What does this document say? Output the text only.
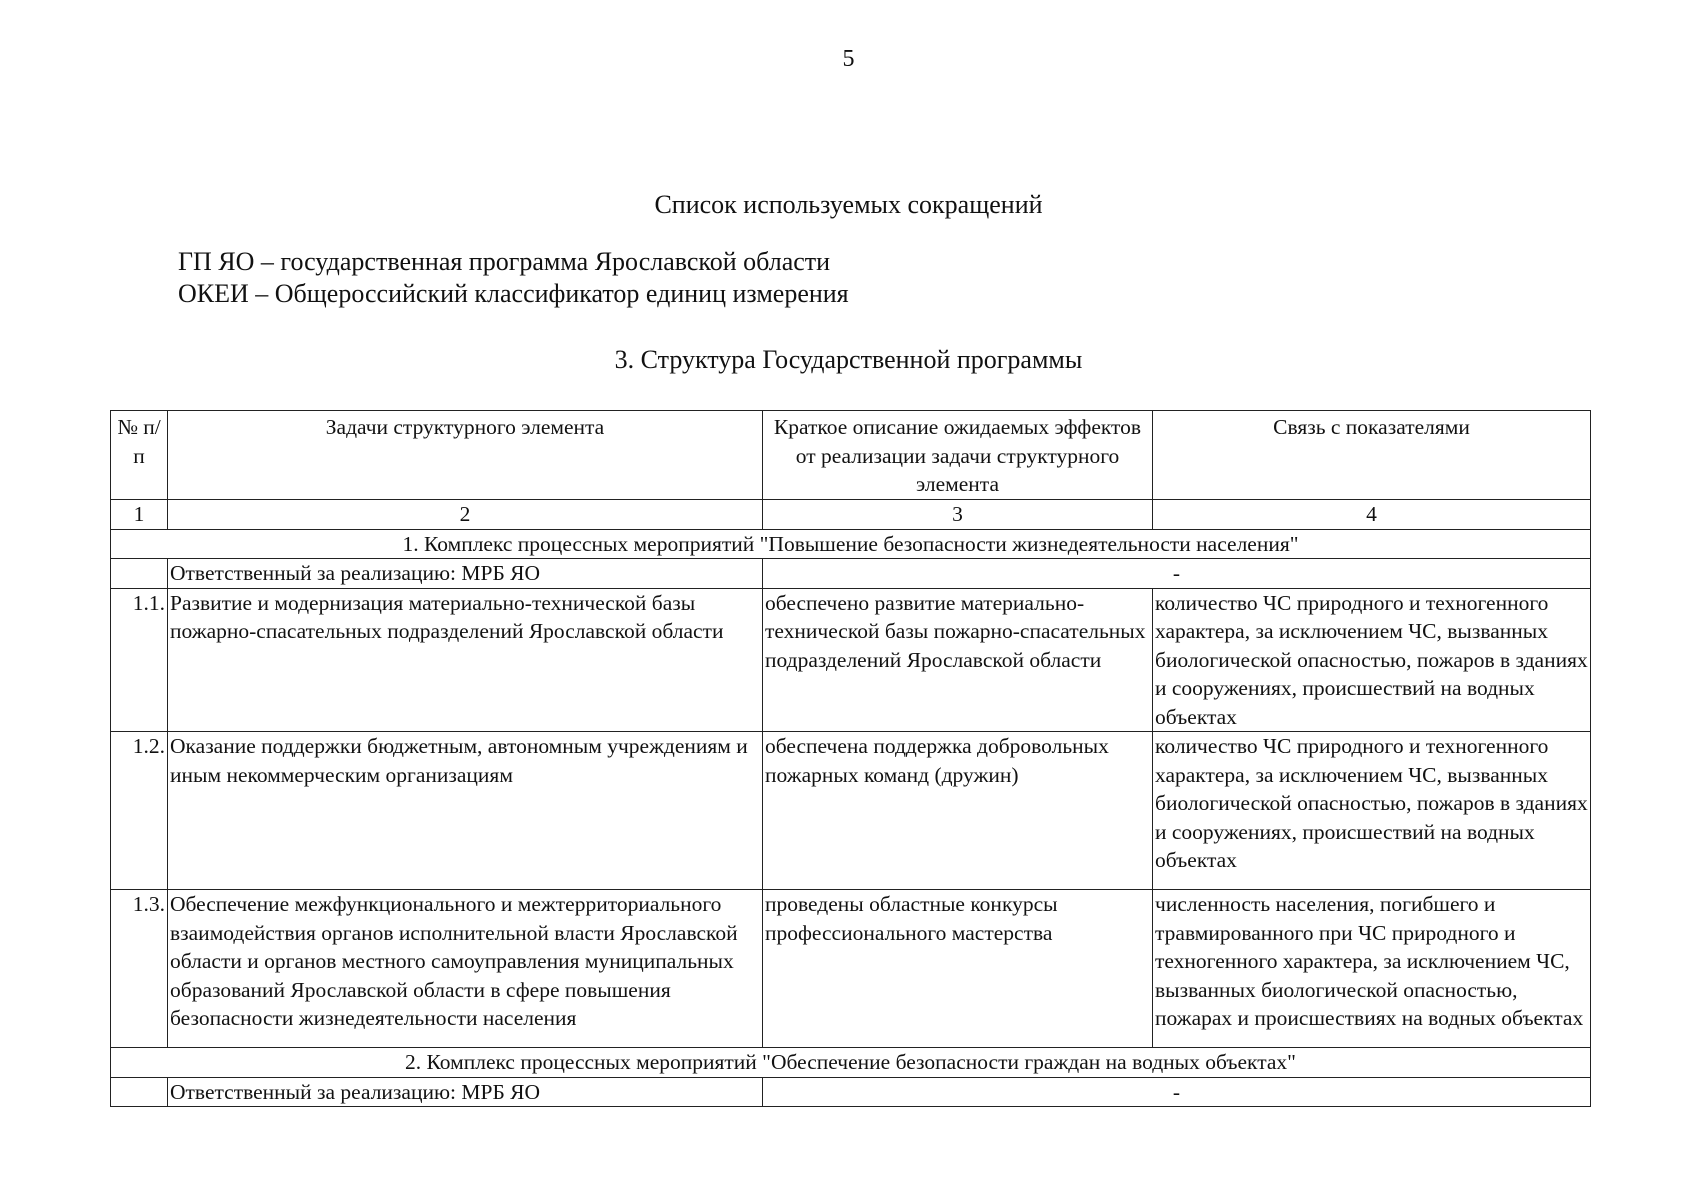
5
Список используемых сокращений
ГП ЯО – государственная программа Ярославской области
ОКЕИ – Общероссийский классификатор единиц измерения
3. Структура Государственной программы
№ п/п	Задачи структурного элемента	Краткое описание ожидаемых эффектов от реализации задачи структурного элемента	Связь с показателями
1	2	3	4
1. Комплекс процессных мероприятий "Повышение безопасности жизнедеятельности населения"			
	Ответственный за реализацию: МРБ ЯО	-	
1.1.	Развитие и модернизация материально-технической базы пожарно-спасательных подразделений Ярославской области	обеспечено развитие материально-технической базы пожарно-спасательных подразделений Ярославской области	количество ЧС природного и техногенного характера, за исключением ЧС, вызванных биологической опасностью, пожаров в зданиях и сооружениях, происшествий на водных объектах
1.2.	Оказание поддержки бюджетным, автономным учреждениям и иным некоммерческим организациям	обеспечена поддержка добровольных пожарных команд (дружин)	количество ЧС природного и техногенного характера, за исключением ЧС, вызванных биологической опасностью, пожаров в зданиях и сооружениях, происшествий на водных объектах
1.3.	Обеспечение межфункционального и межтерриториального взаимодействия органов исполнительной власти Ярославской области и органов местного самоуправления муниципальных образований Ярославской области в сфере повышения безопасности жизнедеятельности населения	проведены областные конкурсы профессионального мастерства	численность населения, погибшего и травмированного при ЧС природного и техногенного характера, за исключением ЧС, вызванных биологической опасностью, пожарах и происшествиях на водных объектах
2. Комплекс процессных мероприятий "Обеспечение безопасности граждан на водных объектах"			
	Ответственный за реализацию: МРБ ЯО	-	
